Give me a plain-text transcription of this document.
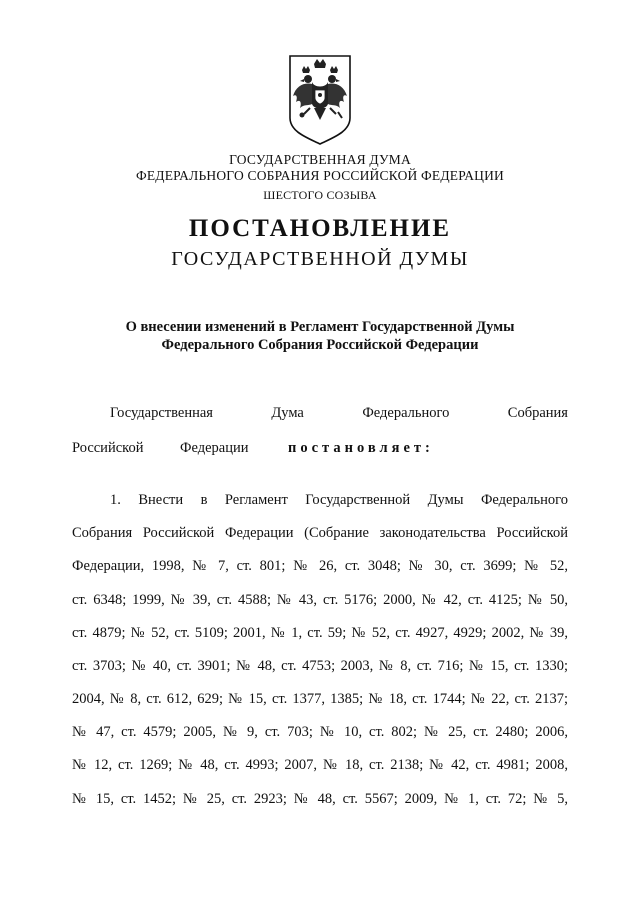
ГОСУДАРСТВЕННАЯ ДУМА
ФЕДЕРАЛЬНОГО СОБРАНИЯ РОССИЙСКОЙ ФЕДЕРАЦИИ
ШЕСТОГО СОЗЫВА
ПОСТАНОВЛЕНИЕ
ГОСУДАРСТВЕННОЙ ДУМЫ
О внесении изменений в Регламент Государственной Думы
Федерального Собрания Российской Федерации
Государственная	Дума	Федерального	Собрания
Российской	Федерации	постановляет:
1. Внести в Регламент Государственной Думы Федерального
Собрания Российской Федерации (Собрание законодательства Российской
Федерации, 1998, № 7, ст. 801; № 26, ст. 3048; № 30, ст. 3699; № 52,
ст. 6348; 1999, № 39, ст. 4588; № 43, ст. 5176; 2000, № 42, ст. 4125; № 50,
ст. 4879; № 52, ст. 5109; 2001, № 1, ст. 59; № 52, ст. 4927, 4929; 2002, № 39,
ст. 3703; № 40, ст. 3901; № 48, ст. 4753; 2003, № 8, ст. 716; № 15, ст. 1330;
2004, № 8, ст. 612, 629; № 15, ст. 1377, 1385; № 18, ст. 1744; № 22, ст. 2137;
№ 47, ст. 4579; 2005, № 9, ст. 703; № 10, ст. 802; № 25, ст. 2480; 2006,
№ 12, ст. 1269; № 48, ст. 4993; 2007, № 18, ст. 2138; № 42, ст. 4981; 2008,
№ 15, ст. 1452; № 25, ст. 2923; № 48, ст. 5567; 2009, № 1, ст. 72; № 5,
